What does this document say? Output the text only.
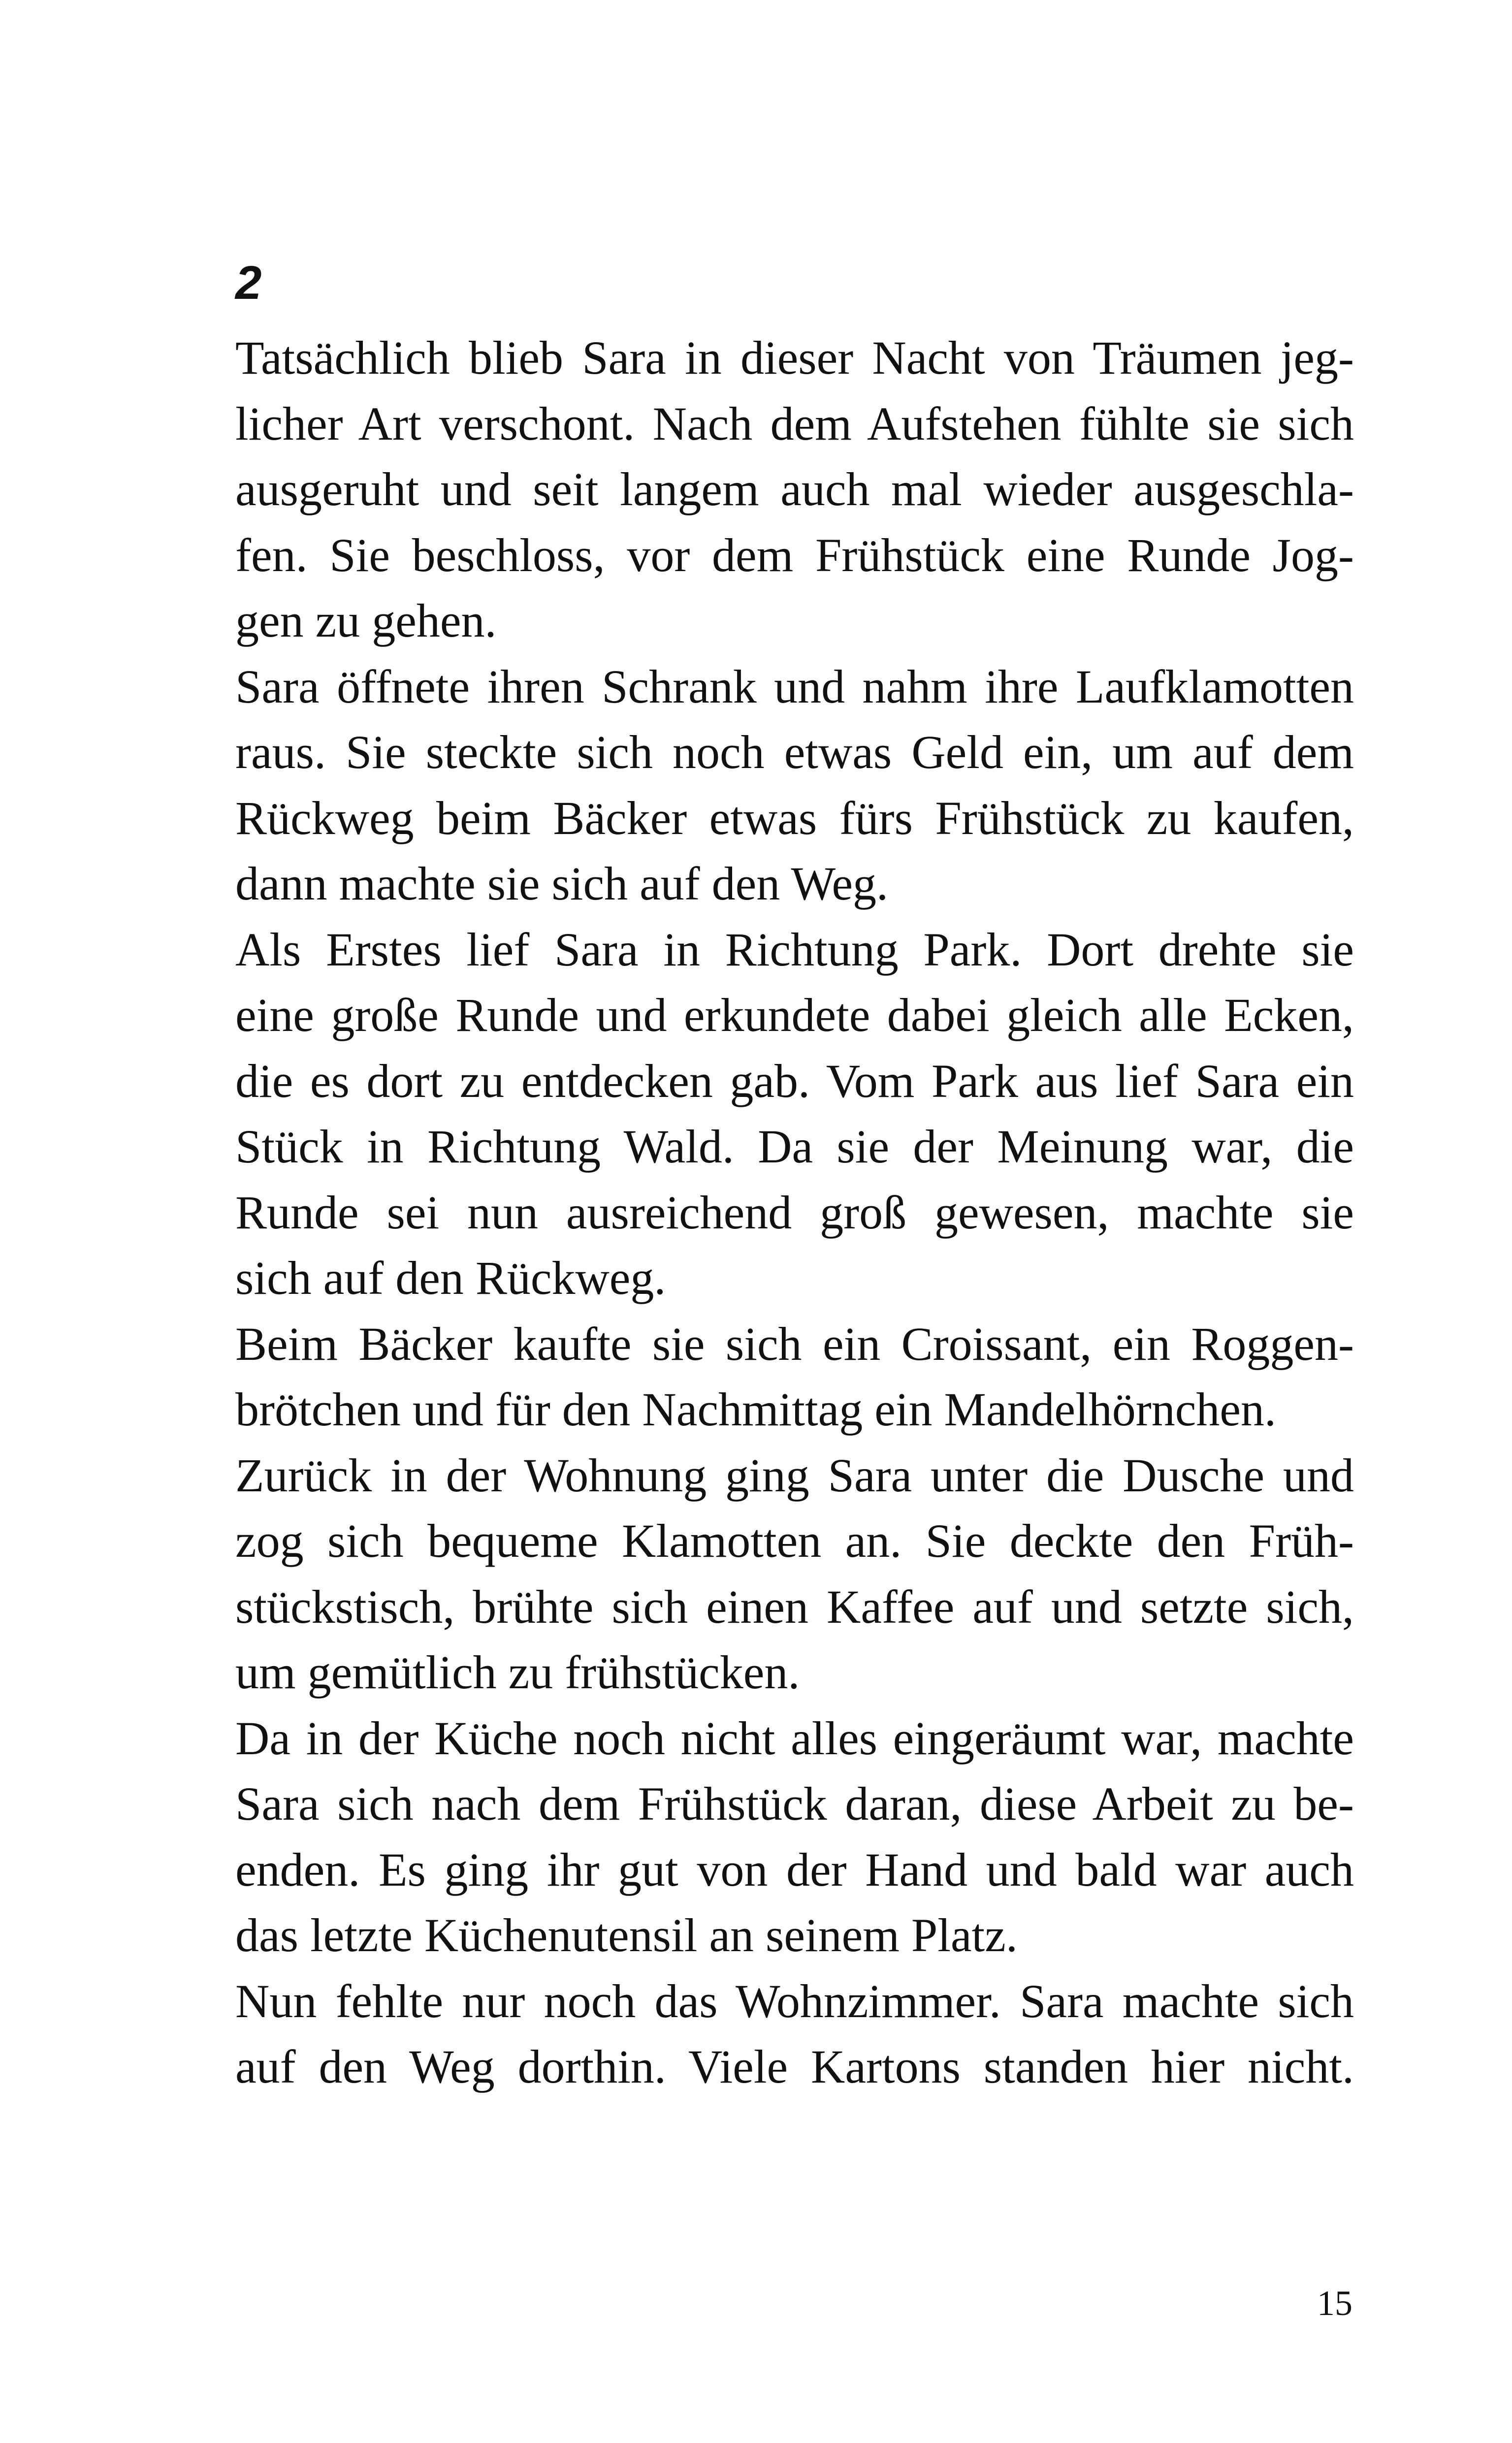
2
Tatsächlich blieb Sara in dieser Nacht von Träumen jeg-
licher Art verschont. Nach dem Aufstehen fühlte sie sich
ausgeruht und seit langem auch mal wieder ausgeschla-
fen. Sie beschloss, vor dem Frühstück eine Runde Jog-
gen zu gehen.
Sara öffnete ihren Schrank und nahm ihre Laufklamotten
raus. Sie steckte sich noch etwas Geld ein, um auf dem
Rückweg beim Bäcker etwas fürs Frühstück zu kaufen,
dann machte sie sich auf den Weg.
Als Erstes lief Sara in Richtung Park. Dort drehte sie
eine große Runde und erkundete dabei gleich alle Ecken,
die es dort zu entdecken gab. Vom Park aus lief Sara ein
Stück in Richtung Wald. Da sie der Meinung war, die
Runde sei nun ausreichend groß gewesen, machte sie
sich auf den Rückweg.
Beim Bäcker kaufte sie sich ein Croissant, ein Roggen-
brötchen und für den Nachmittag ein Mandelhörnchen.
Zurück in der Wohnung ging Sara unter die Dusche und
zog sich bequeme Klamotten an. Sie deckte den Früh-
stückstisch, brühte sich einen Kaffee auf und setzte sich,
um gemütlich zu frühstücken.
Da in der Küche noch nicht alles eingeräumt war, machte
Sara sich nach dem Frühstück daran, diese Arbeit zu be-
enden. Es ging ihr gut von der Hand und bald war auch
das letzte Küchenutensil an seinem Platz.
Nun fehlte nur noch das Wohnzimmer. Sara machte sich
auf den Weg dorthin. Viele Kartons standen hier nicht.

15
